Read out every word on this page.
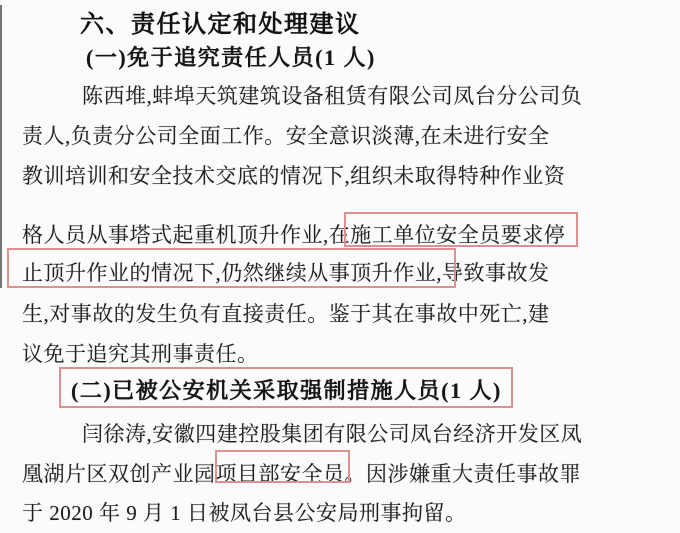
六、责任认定和处理建议
(一)免于追究责任人员(1 人)
陈西堆,蚌埠天筑建筑设备租赁有限公司凤台分公司负
责人,负责分公司全面工作。安全意识淡薄,在未进行安全
教训培训和安全技术交底的情况下,组织未取得特种作业资
格人员从事塔式起重机顶升作业,在施工单位安全员要求停
止顶升作业的情况下,仍然继续从事顶升作业,导致事故发
生,对事故的发生负有直接责任。鉴于其在事故中死亡,建
议免于追究其刑事责任。
(二)已被公安机关采取强制措施人员(1 人)
闫徐涛,安徽四建控股集团有限公司凤台经济开发区凤
凰湖片区双创产业园项目部安全员。因涉嫌重大责任事故罪
于 2020 年 9 月 1 日被凤台县公安局刑事拘留。
